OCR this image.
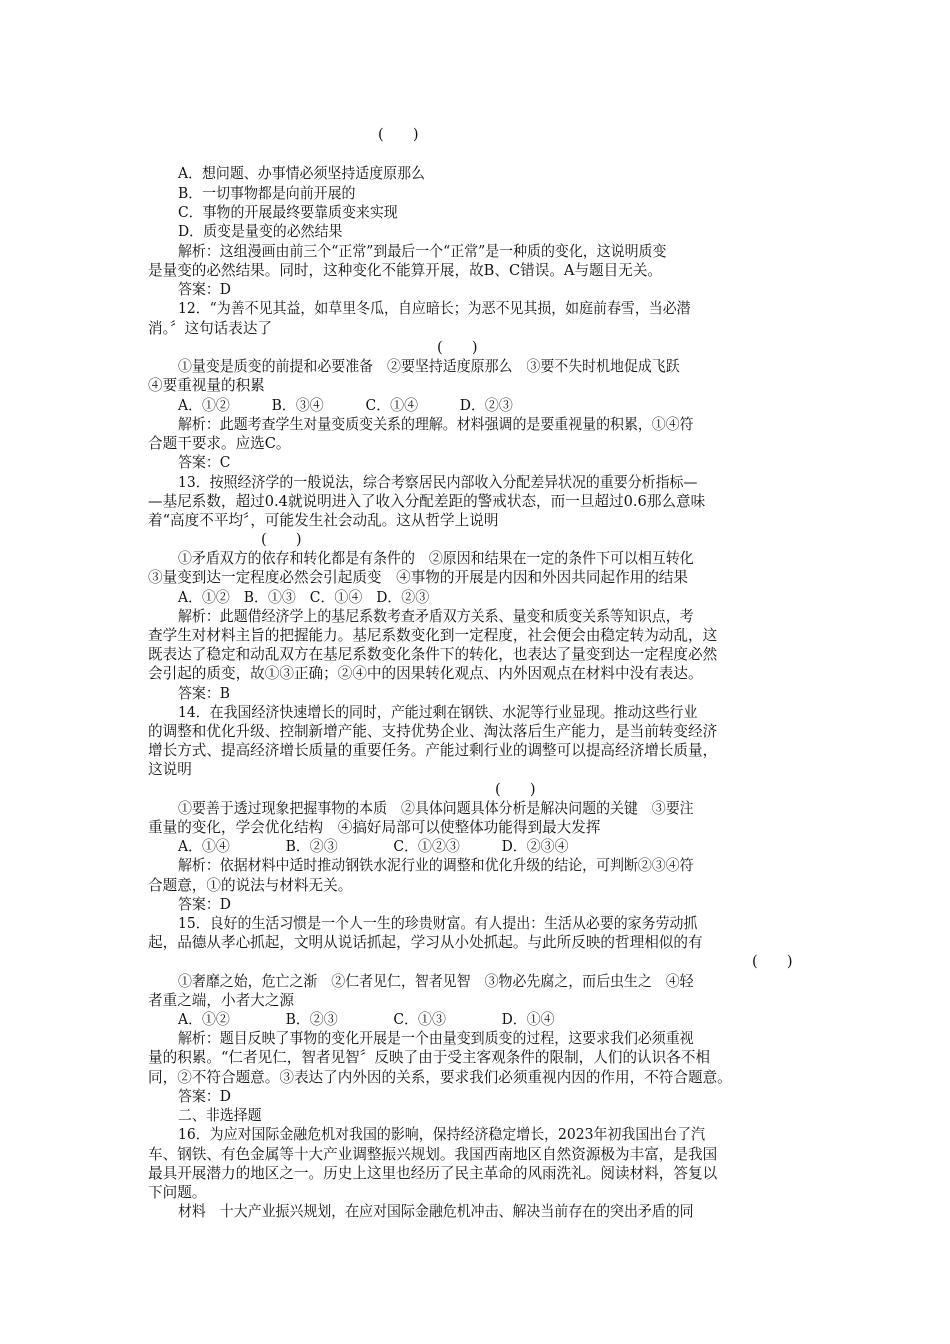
(　　)
A．想问题、办事情必须坚持适度原那么
B．一切事物都是向前开展的
C．事物的开展最终要靠质变来实现
D．质变是量变的必然结果
解析：这组漫画由前三个“正常”到最后一个“正常”是一种质的变化，这说明质变
是量变的必然结果。同时，这种变化不能算开展，故B、C错误。A与题目无关。
答案：D
12．“为善不见其益，如草里冬瓜，自应暗长；为恶不见其损，如庭前春雪，当必潜
消。〞这句话表达了
(　　)
①量变是质变的前提和必要准备　②要坚持适度原那么　③要不失时机地促成飞跃
④要重视量的积累
A．①②　　　B．③④　　　C．①④　　　D．②③
解析：此题考查学生对量变质变关系的理解。材料强调的是要重视量的积累，①④符
合题干要求。应选C。
答案：C
13．按照经济学的一般说法，综合考察居民内部收入分配差异状况的重要分析指标—
—基尼系数，超过0.4就说明进入了收入分配差距的警戒状态，而一旦超过0.6那么意味
着“高度不平均〞，可能发生社会动乱。这从哲学上说明
(　　)
①矛盾双方的依存和转化都是有条件的　②原因和结果在一定的条件下可以相互转化
③量变到达一定程度必然会引起质变　④事物的开展是内因和外因共同起作用的结果
A．①②　B．①③　C．①④　D．②③
解析：此题借经济学上的基尼系数考查矛盾双方关系、量变和质变关系等知识点，考
查学生对材料主旨的把握能力。基尼系数变化到一定程度，社会便会由稳定转为动乱，这
既表达了稳定和动乱双方在基尼系数变化条件下的转化，也表达了量变到达一定程度必然
会引起的质变，故①③正确；②④中的因果转化观点、内外因观点在材料中没有表达。
答案：B
14．在我国经济快速增长的同时，产能过剩在钢铁、水泥等行业显现。推动这些行业
的调整和优化升级、控制新增产能、支持优势企业、淘汰落后生产能力，是当前转变经济
增长方式、提高经济增长质量的重要任务。产能过剩行业的调整可以提高经济增长质量，
这说明
(　　)
①要善于透过现象把握事物的本质　②具体问题具体分析是解决问题的关键　③要注
重量的变化，学会优化结构　④搞好局部可以使整体功能得到最大发挥
A．①④　　　　B．②③　　　　C．①②③　　　D．②③④
解析：依据材料中适时推动钢铁水泥行业的调整和优化升级的结论，可判断②③④符
合题意，①的说法与材料无关。
答案：D
15．良好的生活习惯是一个人一生的珍贵财富。有人提出：生活从必要的家务劳动抓
起，品德从孝心抓起，文明从说话抓起，学习从小处抓起。与此所反映的哲理相似的有
(　　)
①奢靡之始，危亡之渐　②仁者见仁，智者见智　③物必先腐之，而后虫生之　④轻
者重之端，小者大之源
A．①②　　　　B．②③　　　　C．①③　　　　D．①④
解析：题目反映了事物的变化开展是一个由量变到质变的过程，这要求我们必须重视
量的积累。“仁者见仁，智者见智〞反映了由于受主客观条件的限制，人们的认识各不相
同，②不符合题意。③表达了内外因的关系，要求我们必须重视内因的作用，不符合题意。
答案：D
二、非选择题
16．为应对国际金融危机对我国的影响，保持经济稳定增长，2023年初我国出台了汽
车、钢铁、有色金属等十大产业调整振兴规划。我国西南地区自然资源极为丰富，是我国
最具开展潜力的地区之一。历史上这里也经历了民主革命的风雨洗礼。阅读材料，答复以
下问题。
材料　十大产业振兴规划，在应对国际金融危机冲击、解决当前存在的突出矛盾的同
